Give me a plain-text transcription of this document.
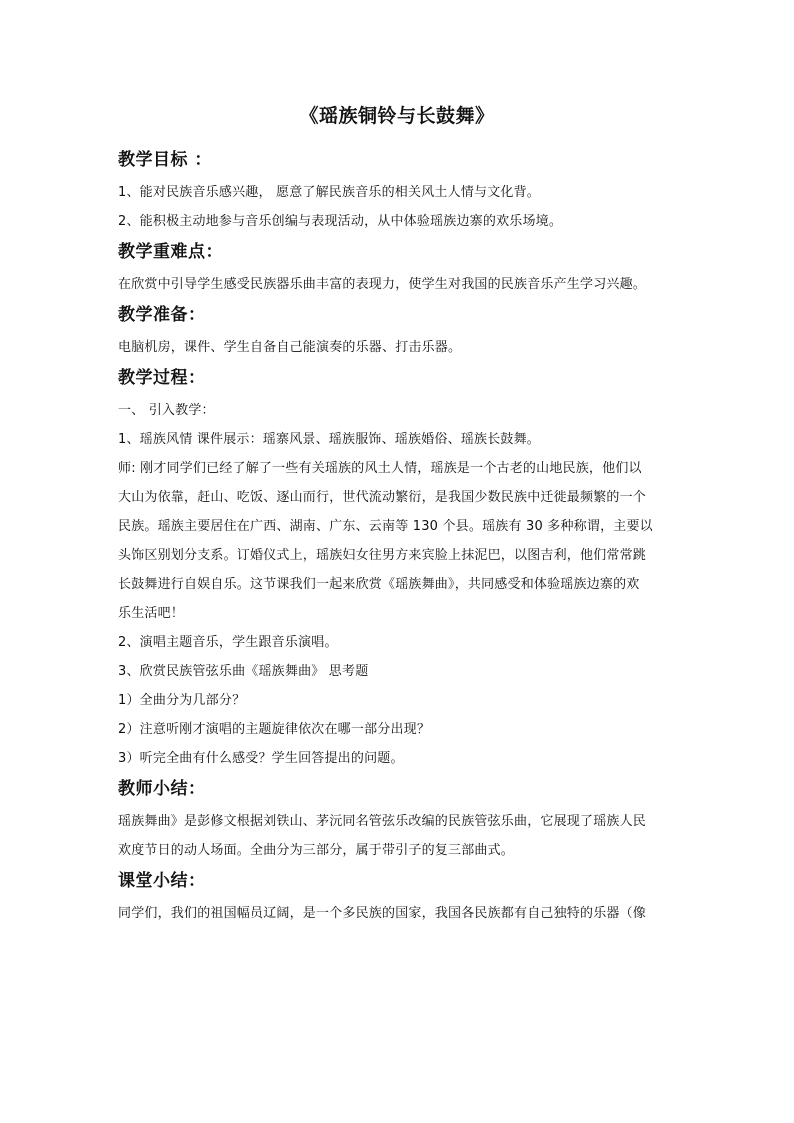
《瑶族铜铃与长鼓舞》
教学目标 ：
1、能对民族音乐感兴趣， 愿意了解民族音乐的相关风土人情与文化背。
2、能积极主动地参与音乐创编与表现活动，从中体验瑶族边寨的欢乐场境。
教学重难点：
在欣赏中引导学生感受民族器乐曲丰富的表现力，使学生对我国的民族音乐产生学习兴趣。
教学准备：
电脑机房，课件、学生自备自己能演奏的乐器、打击乐器。
教学过程：
一、 引入教学：
1、瑶族风情 课件展示：瑶寨风景、瑶族服饰、瑶族婚俗、瑶族长鼓舞。
师: 刚才同学们已经了解了一些有关瑶族的风土人情，瑶族是一个古老的山地民族，他们以
大山为依靠，赶山、吃饭、逐山而行，世代流动繁衍，是我国少数民族中迁徙最频繁的一个
民族。瑶族主要居住在广西、湖南、广东、云南等 130 个县。瑶族有 30 多种称谓，主要以
头饰区别划分支系。订婚仪式上，瑶族妇女往男方来宾脸上抹泥巴，以图吉利，他们常常跳
长鼓舞进行自娱自乐。这节课我们一起来欣赏《瑶族舞曲》，共同感受和体验瑶族边寨的欢
乐生活吧！
2、演唱主题音乐，学生跟音乐演唱。
3、欣赏民族管弦乐曲《瑶族舞曲》 思考题
1）全曲分为几部分？
2）注意听刚才演唱的主题旋律依次在哪一部分出现？
3）听完全曲有什么感受？学生回答提出的问题。
教师小结：
瑶族舞曲》是彭修文根据刘铁山、茅沅同名管弦乐改编的民族管弦乐曲，它展现了瑶族人民
欢度节日的动人场面。全曲分为三部分，属于带引子的复三部曲式。
课堂小结：
同学们，我们的祖国幅员辽阔，是一个多民族的国家，我国各民族都有自己独特的乐器（像
